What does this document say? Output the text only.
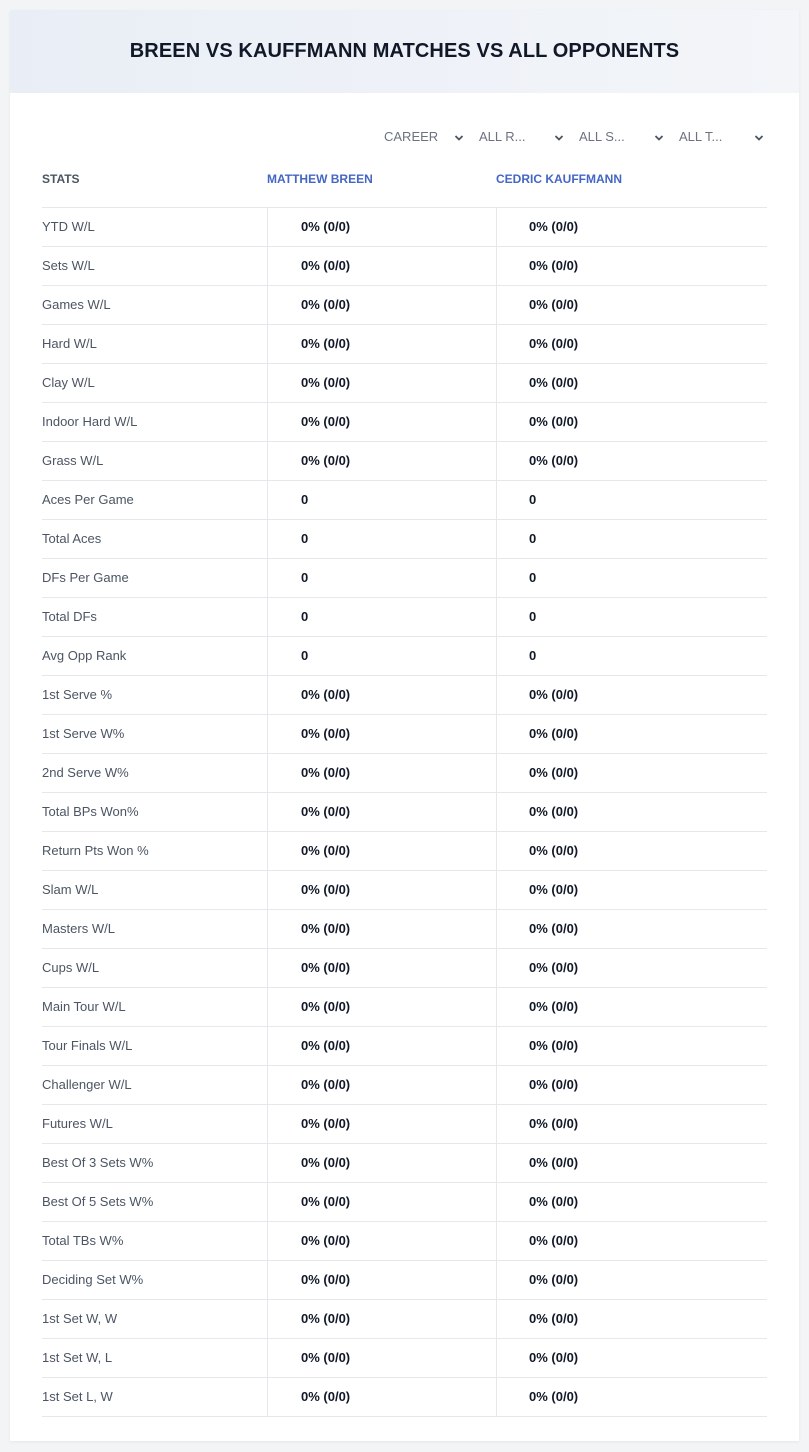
BREEN VS KAUFFMANN MATCHES VS ALL OPPONENTS
CAREER	ALL R...	ALL S...	ALL T...
STATS	MATTHEW BREEN	CEDRIC KAUFFMANN
YTD W/L	0% (0/0)	0% (0/0)
Sets W/L	0% (0/0)	0% (0/0)
Games W/L	0% (0/0)	0% (0/0)
Hard W/L	0% (0/0)	0% (0/0)
Clay W/L	0% (0/0)	0% (0/0)
Indoor Hard W/L	0% (0/0)	0% (0/0)
Grass W/L	0% (0/0)	0% (0/0)
Aces Per Game	0	0
Total Aces	0	0
DFs Per Game	0	0
Total DFs	0	0
Avg Opp Rank	0	0
1st Serve %	0% (0/0)	0% (0/0)
1st Serve W%	0% (0/0)	0% (0/0)
2nd Serve W%	0% (0/0)	0% (0/0)
Total BPs Won%	0% (0/0)	0% (0/0)
Return Pts Won %	0% (0/0)	0% (0/0)
Slam W/L	0% (0/0)	0% (0/0)
Masters W/L	0% (0/0)	0% (0/0)
Cups W/L	0% (0/0)	0% (0/0)
Main Tour W/L	0% (0/0)	0% (0/0)
Tour Finals W/L	0% (0/0)	0% (0/0)
Challenger W/L	0% (0/0)	0% (0/0)
Futures W/L	0% (0/0)	0% (0/0)
Best Of 3 Sets W%	0% (0/0)	0% (0/0)
Best Of 5 Sets W%	0% (0/0)	0% (0/0)
Total TBs W%	0% (0/0)	0% (0/0)
Deciding Set W%	0% (0/0)	0% (0/0)
1st Set W, W	0% (0/0)	0% (0/0)
1st Set W, L	0% (0/0)	0% (0/0)
1st Set L, W	0% (0/0)	0% (0/0)
